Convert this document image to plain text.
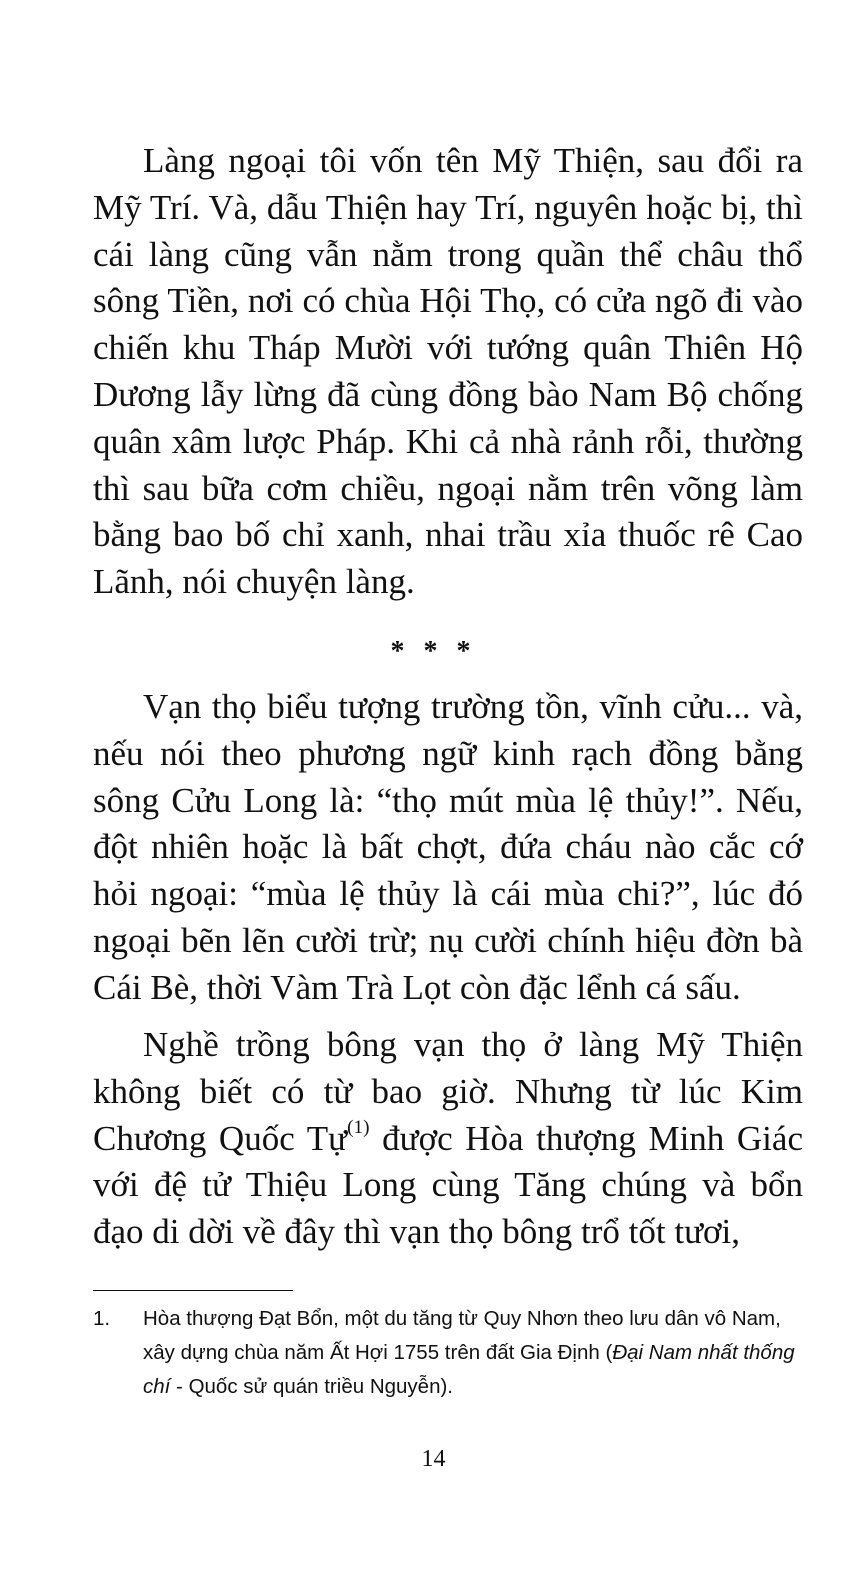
Làng ngoại tôi vốn tên Mỹ Thiện, sau đổi ra Mỹ Trí. Và, dẫu Thiện hay Trí, nguyên hoặc bị, thì cái làng cũng vẫn nằm trong quần thể châu thổ sông Tiền, nơi có chùa Hội Thọ, có cửa ngõ đi vào chiến khu Tháp Mười với tướng quân Thiên Hộ Dương lẫy lừng đã cùng đồng bào Nam Bộ chống quân xâm lược Pháp. Khi cả nhà rảnh rỗi, thường thì sau bữa cơm chiều, ngoại nằm trên võng làm bằng bao bố chỉ xanh, nhai trầu xỉa thuốc rê Cao Lãnh, nói chuyện làng.

* * *

Vạn thọ biểu tượng trường tồn, vĩnh cửu... và, nếu nói theo phương ngữ kinh rạch đồng bằng sông Cửu Long là: “thọ mút mùa lệ thủy!”. Nếu, đột nhiên hoặc là bất chợt, đứa cháu nào cắc cớ hỏi ngoại: “mùa lệ thủy là cái mùa chi?”, lúc đó ngoại bẽn lẽn cười trừ; nụ cười chính hiệu đờn bà Cái Bè, thời Vàm Trà Lọt còn đặc lểnh cá sấu.

Nghề trồng bông vạn thọ ở làng Mỹ Thiện không biết có từ bao giờ. Nhưng từ lúc Kim Chương Quốc Tự$^{(1)}$ được Hòa thượng Minh Giác với đệ tử Thiệu Long cùng Tăng chúng và bổn đạo di dời về đây thì vạn thọ bông trổ tốt tươi,

1. Hòa thượng Đạt Bổn, một du tăng từ Quy Nhơn theo lưu dân vô Nam, xây dựng chùa năm Ất Hợi 1755 trên đất Gia Định (Đại Nam nhất thống chí - Quốc sử quán triều Nguyễn).
14
